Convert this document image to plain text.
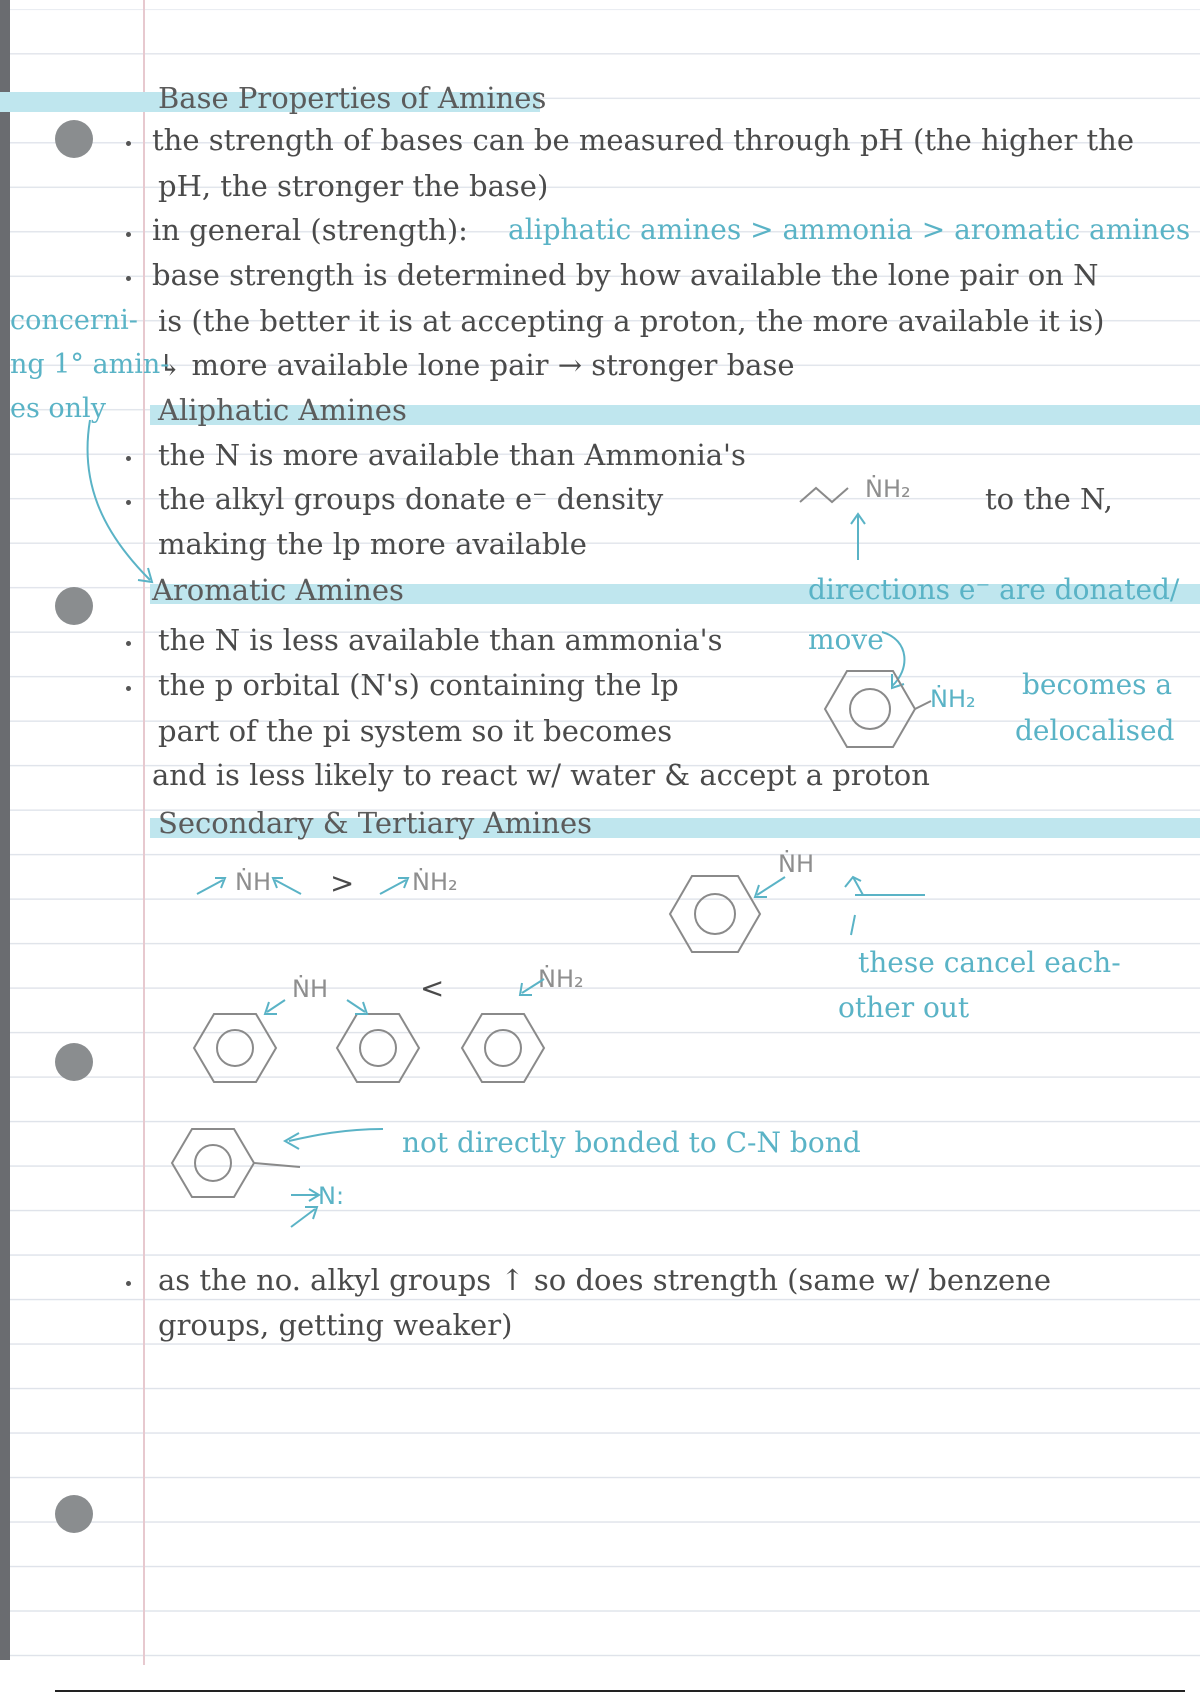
Base Properties of Amines
the strength of bases can be measured through pH (the higher the
pH, the stronger the base)
in general (strength): aliphatic amines > ammonia > aromatic amines
base strength is determined by how available the lone pair on N
is (the better it is at accepting a proton, the more available it is)
↳ more available lone pair → stronger base
concerni-
ng 1° amin-
es only Aliphatic Amines
the N is more available than Ammonia's
the alkyl groups donate e⁻ density
making the lp more available
ṄH₂	to the N,
Aromatic Amines	directions e⁻ are donated/
the N is less available than ammonia's	move
the p orbital (N's) containing the lp
part of the pi system so it becomes
and is less likely to react w/ water & accept a proton
ṄH₂ becomes a
delocalised
Secondary & Tertiary Amines
ṄH > ṄH₂
ṄH
these cancel each-
other out
ṄH	<	ṄH₂
N:
not directly bonded to C-N bond
as the no. alkyl groups ↑ so does strength (same w/ benzene
groups, getting weaker)
